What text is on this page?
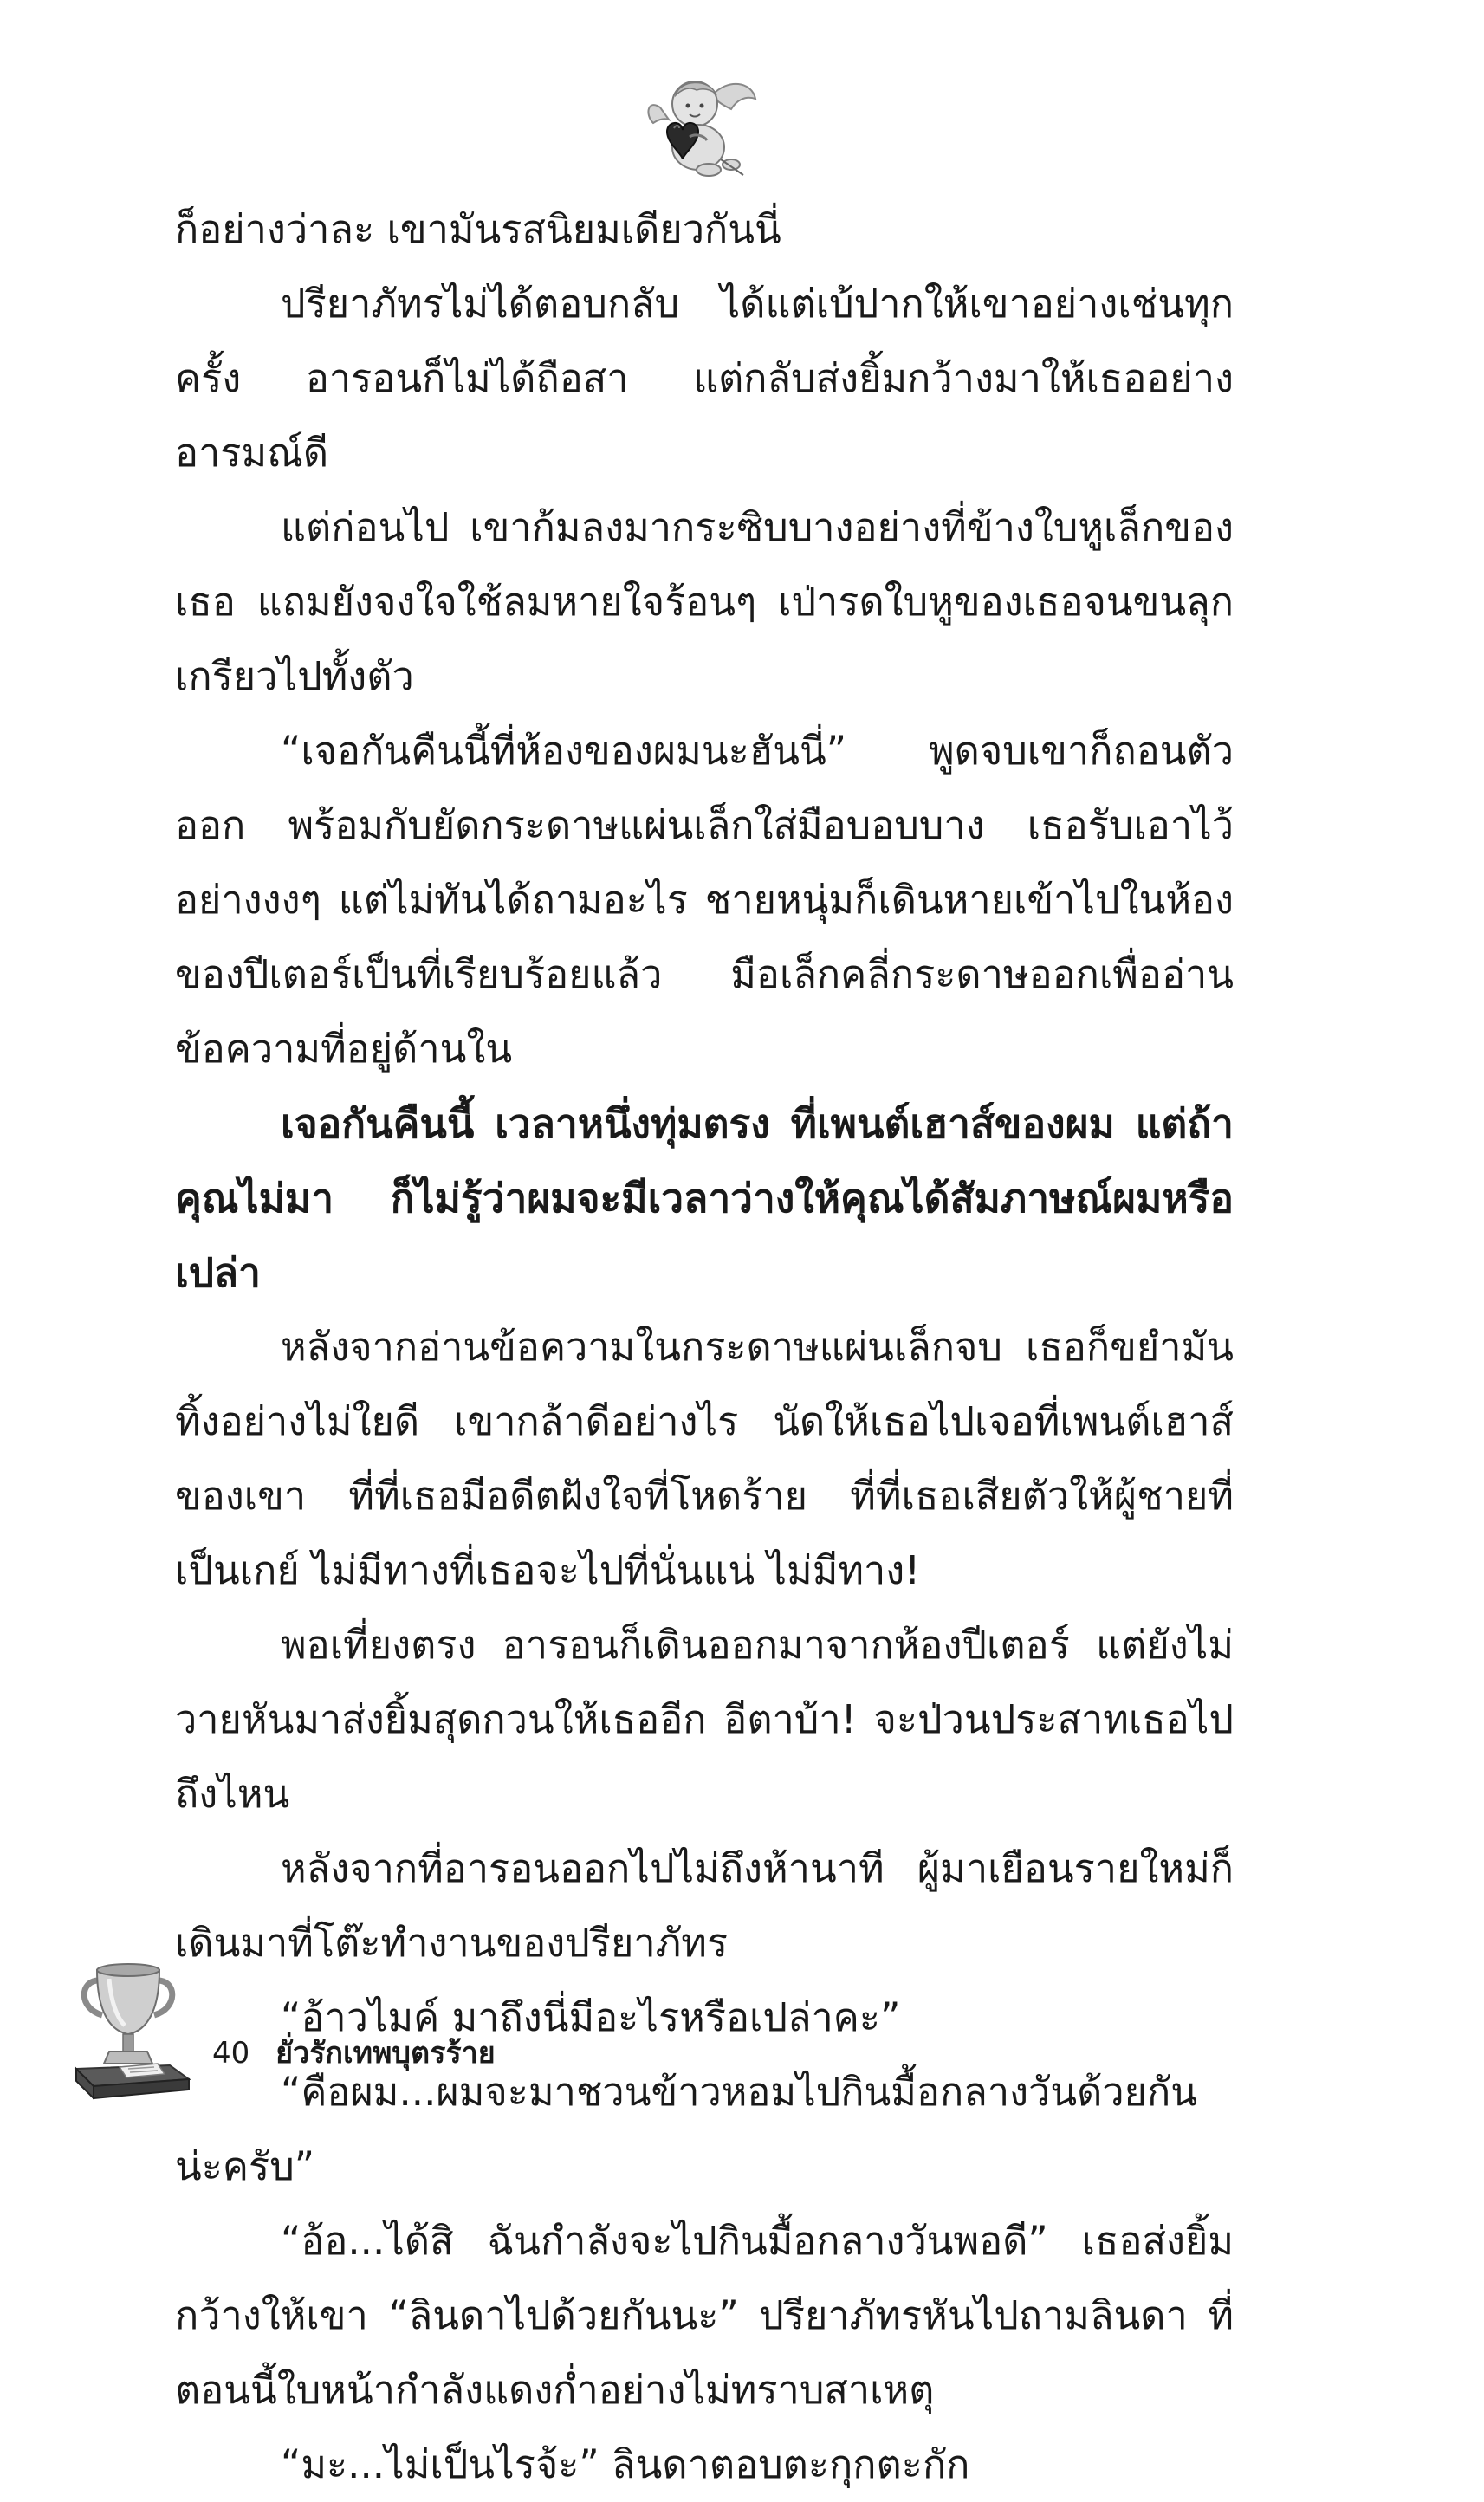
ก็อย่างว่าละ เขามันรสนิยมเดียวกันนี่

ปรียาภัทรไม่ได้ตอบกลับ ได้แต่เบ้ปากให้เขาอย่างเช่นทุกครั้ง อารอนก็ไม่ได้ถือสา แต่กลับส่งยิ้มกว้างมาให้เธออย่างอารมณ์ดี

แต่ก่อนไป เขาก้มลงมากระซิบบางอย่างที่ข้างใบหูเล็กของเธอ แถมยังจงใจใช้ลมหายใจร้อนๆ เป่ารดใบหูของเธอจนขนลุกเกรียวไปทั้งตัว

“เจอกันคืนนี้ที่ห้องของผมนะฮันนี่” พูดจบเขาก็ถอนตัวออก พร้อมกับยัดกระดาษแผ่นเล็กใส่มือบอบบาง เธอรับเอาไว้อย่างงงๆ แต่ไม่ทันได้ถามอะไร ชายหนุ่มก็เดินหายเข้าไปในห้องของปีเตอร์เป็นที่เรียบร้อยแล้ว มือเล็กคลี่กระดาษออกเพื่ออ่านข้อความที่อยู่ด้านใน

เจอกันคืนนี้ เวลาหนึ่งทุ่มตรง ที่เพนต์เฮาส์ของผม แต่ถ้าคุณไม่มา ก็ไม่รู้ว่าผมจะมีเวลาว่างให้คุณได้สัมภาษณ์ผมหรือเปล่า

หลังจากอ่านข้อความในกระดาษแผ่นเล็กจบ เธอก็ขยำมันทิ้งอย่างไม่ใยดี เขากล้าดีอย่างไร นัดให้เธอไปเจอที่เพนต์เฮาส์ของเขา ที่ที่เธอมีอดีตฝังใจที่โหดร้าย ที่ที่เธอเสียตัวให้ผู้ชายที่เป็นเกย์ ไม่มีทางที่เธอจะไปที่นั่นแน่ ไม่มีทาง!

พอเที่ยงตรง อารอนก็เดินออกมาจากห้องปีเตอร์ แต่ยังไม่วายหันมาส่งยิ้มสุดกวนให้เธออีก อีตาบ้า! จะป่วนประสาทเธอไปถึงไหน

หลังจากที่อารอนออกไปไม่ถึงห้านาที ผู้มาเยือนรายใหม่ก็เดินมาที่โต๊ะทำงานของปรียาภัทร

“อ้าวไมค์ มาถึงนี่มีอะไรหรือเปล่าคะ”

“คือผม...ผมจะมาชวนข้าวหอมไปกินมื้อกลางวันด้วยกันน่ะครับ”

“อ้อ...ได้สิ ฉันกำลังจะไปกินมื้อกลางวันพอดี” เธอส่งยิ้มกว้างให้เขา “ลินดาไปด้วยกันนะ” ปรียาภัทรหันไปถามลินดา ที่ตอนนี้ใบหน้ากำลังแดงก่ำอย่างไม่ทราบสาเหตุ

“มะ...ไม่เป็นไรจ้ะ” ลินดาตอบตะกุกตะกัก

40 ยั่วรักเทพบุตรร้าย
